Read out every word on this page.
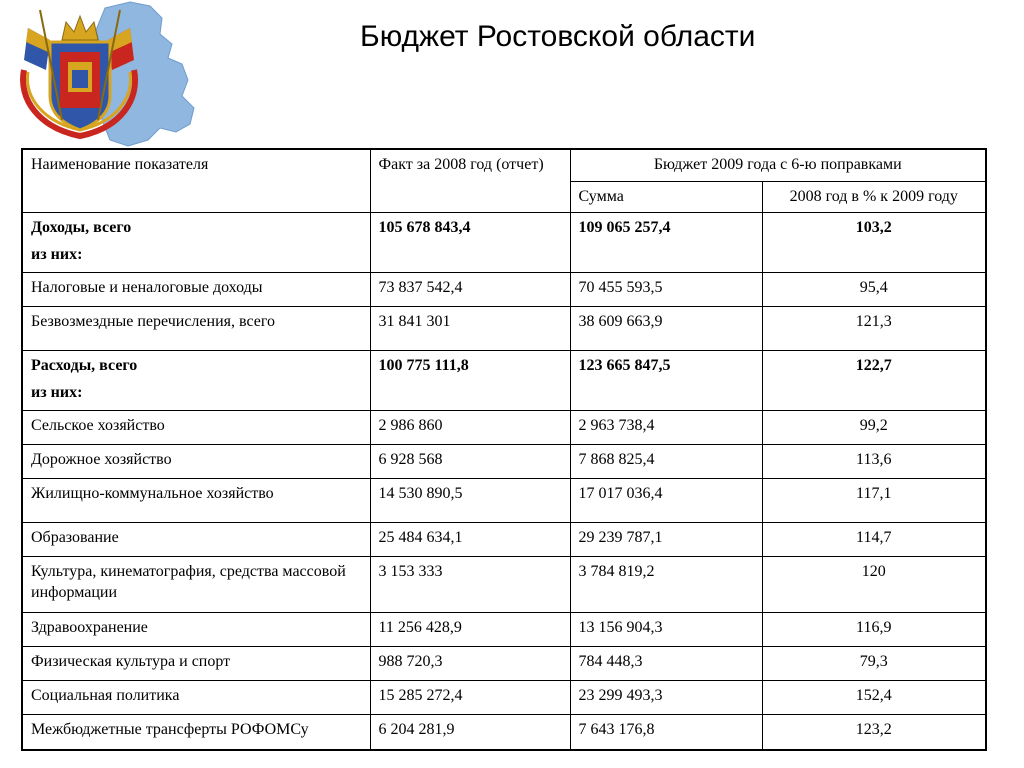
Бюджет Ростовской области
Наименование показателя	Факт за 2008 год (отчет)	Бюджет 2009 года с 6-ю поправками	
		Сумма	2008 год в % к 2009 году

Доходы, всего
из них:	105 678 843,4	109 065 257,4	103,2

Налоговые и неналоговые доходы	73 837 542,4	70 455 593,5	95,4

Безвозмездные перечисления, всего	31 841 301	38 609 663,9	121,3

Расходы, всего
из них:	100 775 111,8	123 665 847,5	122,7

Сельское хозяйство	2 986 860	2 963 738,4	99,2

Дорожное хозяйство	6 928 568	7 868 825,4	113,6

Жилищно-коммунальное хозяйство	14 530 890,5	17 017 036,4	117,1

Образование	25 484 634,1	29 239 787,1	114,7

Культура, кинематография, средства массовой информации	3 153 333	3 784 819,2	120

Здравоохранение	11 256 428,9	13 156 904,3	116,9

Физическая культура и спорт	988 720,3	784 448,3	79,3

Социальная политика	15 285 272,4	23 299 493,3	152,4

Межбюджетные трансферты РОФОМСу	6 204 281,9	7 643 176,8	123,2
